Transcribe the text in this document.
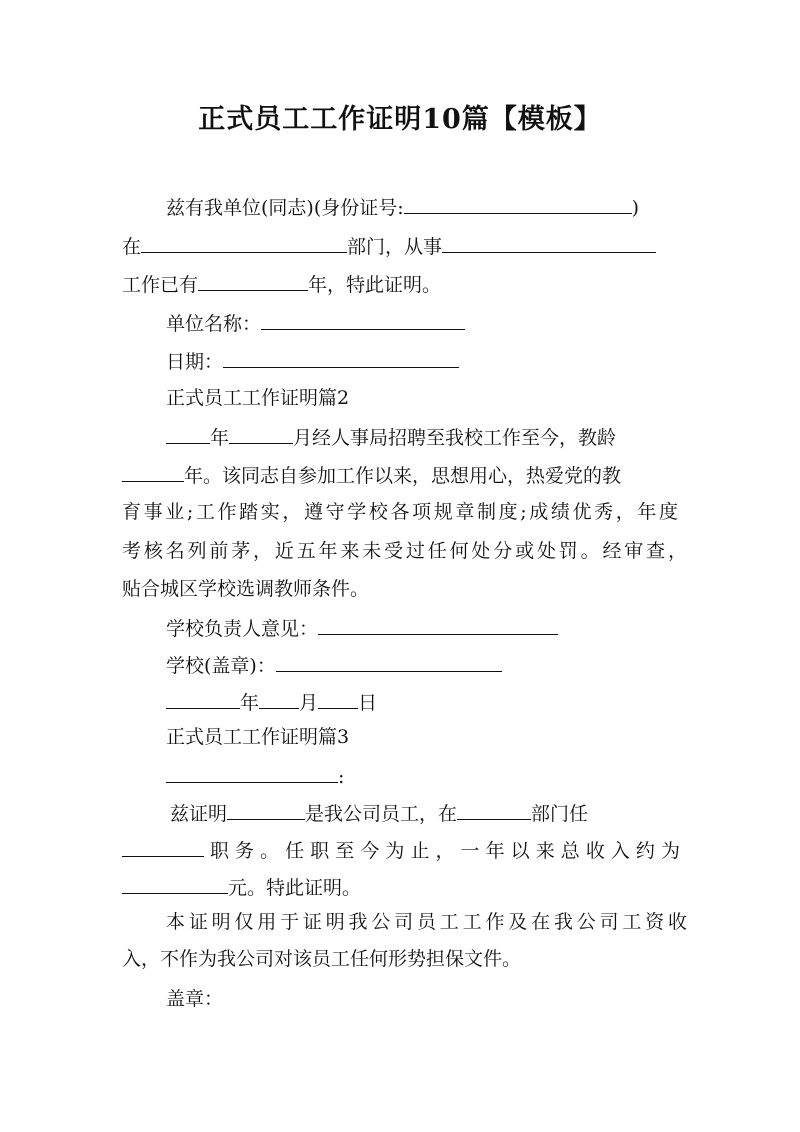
正式员工工作证明10篇【模板】
兹有我单位(同志)(身份证号:	)
在	部门，从事
工作已有	年，特此证明。
单位名称：
日期：
正式员工工作证明篇2
年	月经人事局招聘至我校工作至今，教龄
年。该同志自参加工作以来，思想用心，热爱党的教
育事业;工作踏实，遵守学校各项规章制度;成绩优秀，年度
考核名列前茅，近五年来未受过任何处分或处罚。经审查，
贴合城区学校选调教师条件。
学校负责人意见：
学校(盖章)：
年 月 日
正式员工工作证明篇3
:
兹证明	是我公司员工，在	部门任
职务。任职至今为止，一年以来总收入约为
元。特此证明。
本证明仅用于证明我公司员工工作及在我公司工资收
入，不作为我公司对该员工任何形势担保文件。
盖章：
